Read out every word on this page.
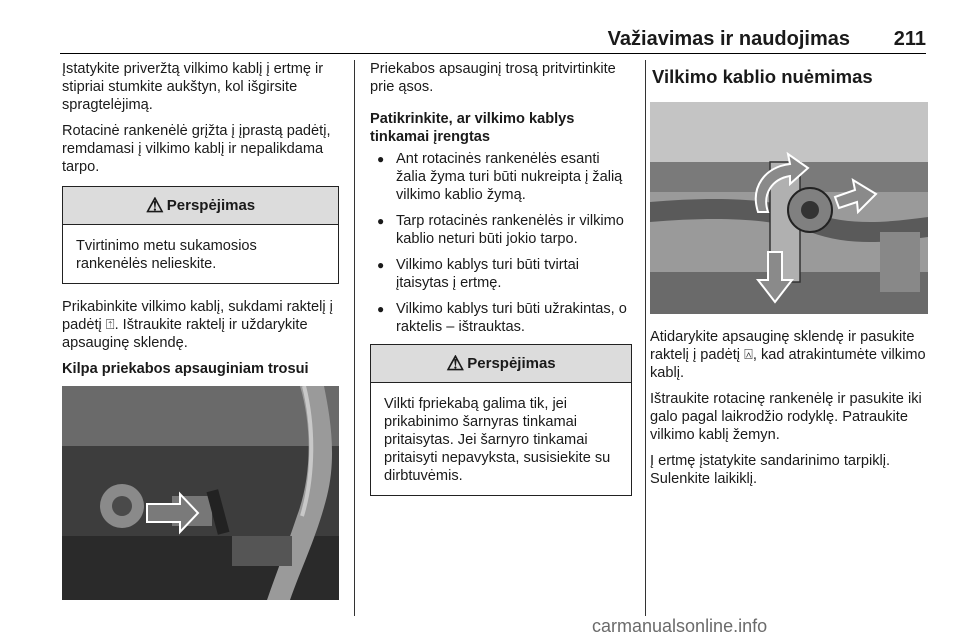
Važiavimas ir naudojimas 211

Įstatykite priveržtą vilkimo kablį į ertmę ir stipriai stumkite aukštyn, kol išgirsite spragtelėjimą.

Rotacinė rankenėlė grįžta į įprastą padėtį, remdamasi į vilkimo kablį ir nepalikdama tarpo.

⚠ Perspėjimas
Tvirtinimo metu sukamosios rankenėlės nelieskite.

Prikabinkite vilkimo kablį, sukdami raktelį į padėtį ⍐. Ištraukite raktelį ir uždarykite apsauginę sklendę.

Kilpa priekabos apsauginiam trosui

Priekabos apsauginį trosą pritvirtinkite prie ąsos.

Patikrinkite, ar vilkimo kablys tinkamai įrengtas

● Ant rotacinės rankenėlės esanti žalia žyma turi būti nukreipta į žalią vilkimo kablio žymą.
● Tarp rotacinės rankenėlės ir vilkimo kablio neturi būti jokio tarpo.
● Vilkimo kablys turi būti tvirtai įtaisytas į ertmę.
● Vilkimo kablys turi būti užrakintas, o raktelis – ištrauktas.
⚠ Perspėjimas
Vilkti fpriekabą galima tik, jei prikabinimo šarnyras tinkamai pritaisytas. Jei šarnyro tinkamai pritaisyti nepavyksta, susisiekite su dirbtuvėmis.
Vilkimo kablio nuėmimas

Atidarykite apsauginę sklendę ir pasukite raktelį į padėtį ⍓, kad atrakintumėte vilkimo kablį.

Ištraukite rotacinę rankenėlę ir pasukite iki galo pagal laikrodžio rodyklę. Patraukite vilkimo kablį žemyn.

Į ertmę įstatykite sandarinimo tarpiklį. Sulenkite laikiklį.

carmanualsonline.info
